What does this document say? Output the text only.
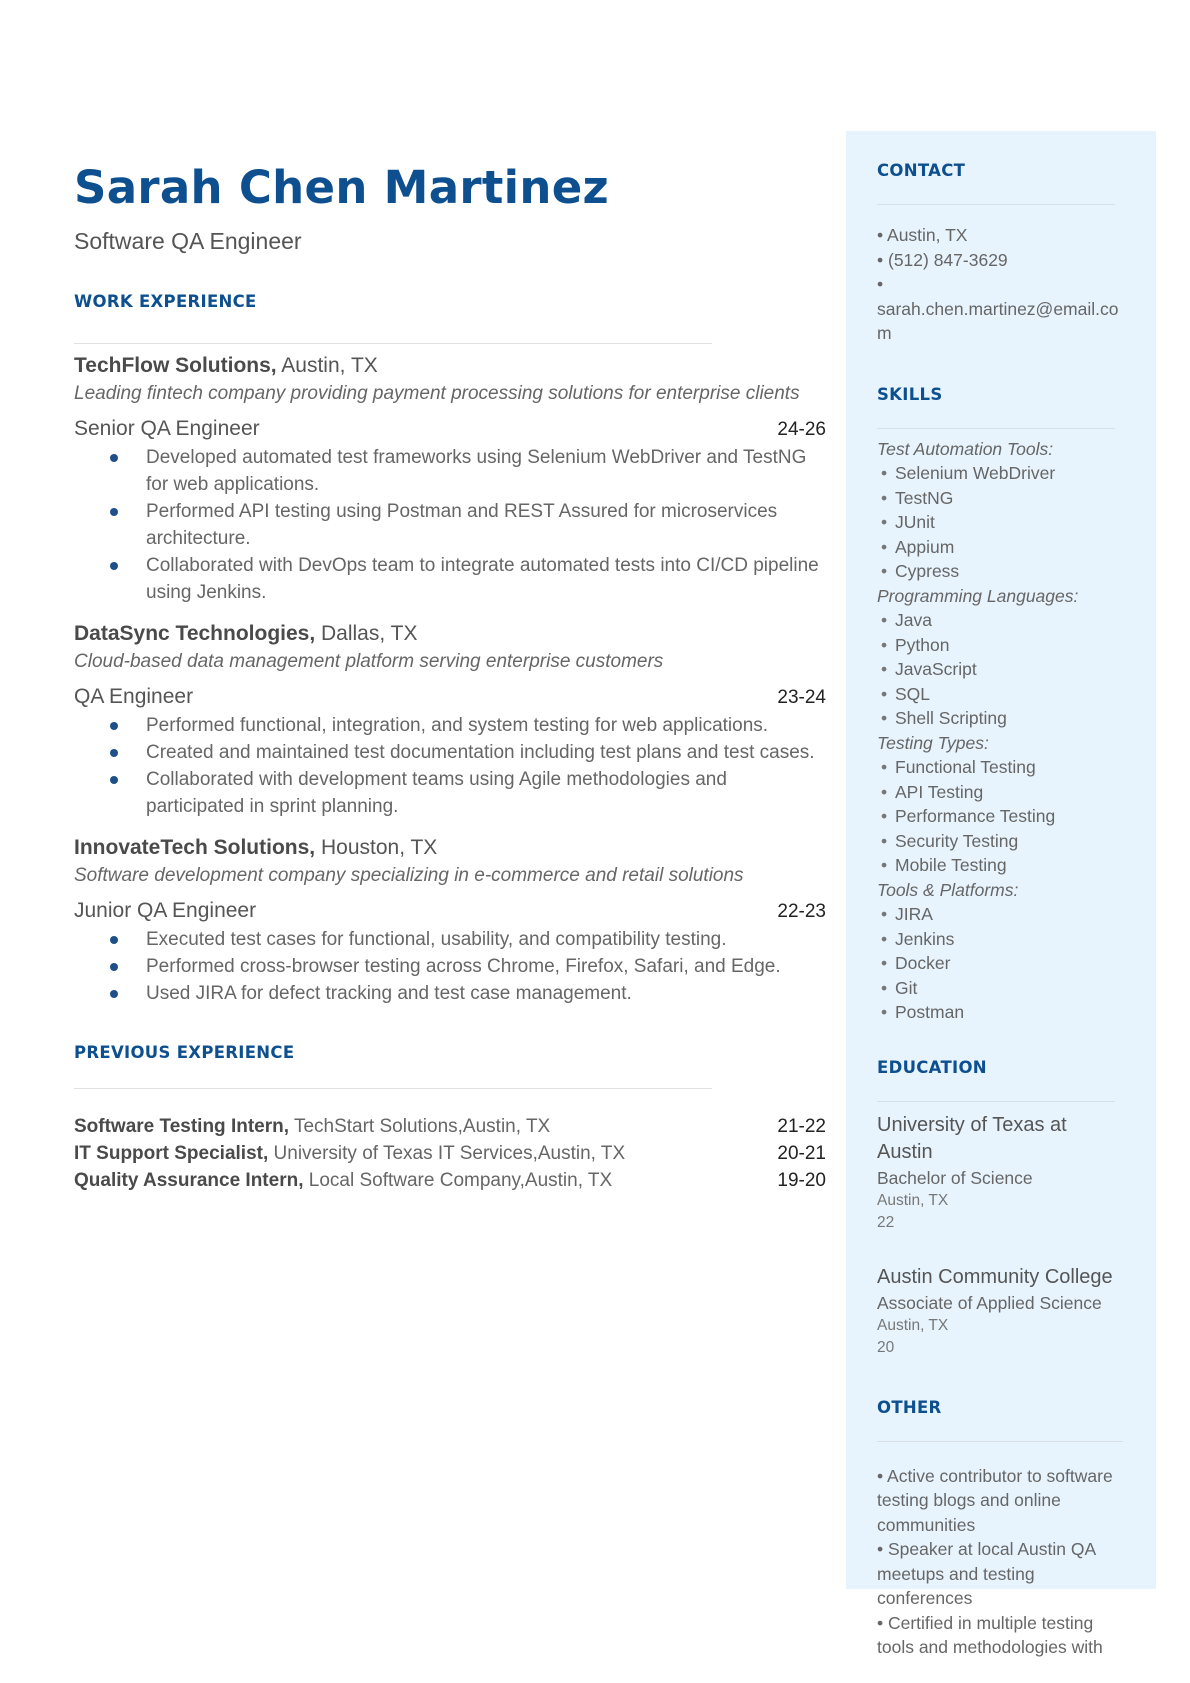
Sarah Chen Martinez
Software QA Engineer
WORK EXPERIENCE
TechFlow Solutions, Austin, TX
Leading fintech company providing payment processing solutions for enterprise clients
Senior QA Engineer	24-26
Developed automated test frameworks using Selenium WebDriver and TestNG for web applications.
Performed API testing using Postman and REST Assured for microservices architecture.
Collaborated with DevOps team to integrate automated tests into CI/CD pipeline using Jenkins.
DataSync Technologies, Dallas, TX
Cloud-based data management platform serving enterprise customers
QA Engineer	23-24
Performed functional, integration, and system testing for web applications.
Created and maintained test documentation including test plans and test cases.
Collaborated with development teams using Agile methodologies and participated in sprint planning.
InnovateTech Solutions, Houston, TX
Software development company specializing in e-commerce and retail solutions
Junior QA Engineer	22-23
Executed test cases for functional, usability, and compatibility testing.
Performed cross-browser testing across Chrome, Firefox, Safari, and Edge.
Used JIRA for defect tracking and test case management.
PREVIOUS EXPERIENCE
Software Testing Intern, TechStart Solutions,Austin, TX	21-22
IT Support Specialist, University of Texas IT Services,Austin, TX	20-21
Quality Assurance Intern, Local Software Company,Austin, TX	19-20
CONTACT
• Austin, TX
• (512) 847-3629
•
sarah.chen.martinez@email.com
SKILLS
Test Automation Tools:
• Selenium WebDriver
• TestNG
• JUnit
• Appium
• Cypress
Programming Languages:
• Java
• Python
• JavaScript
• SQL
• Shell Scripting
Testing Types:
• Functional Testing
• API Testing
• Performance Testing
• Security Testing
• Mobile Testing
Tools & Platforms:
• JIRA
• Jenkins
• Docker
• Git
• Postman
EDUCATION
University of Texas at Austin
Bachelor of Science
Austin, TX
22
Austin Community College
Associate of Applied Science
Austin, TX
20
OTHER
• Active contributor to software testing blogs and online communities
• Speaker at local Austin QA meetups and testing conferences
• Certified in multiple testing tools and methodologies with
